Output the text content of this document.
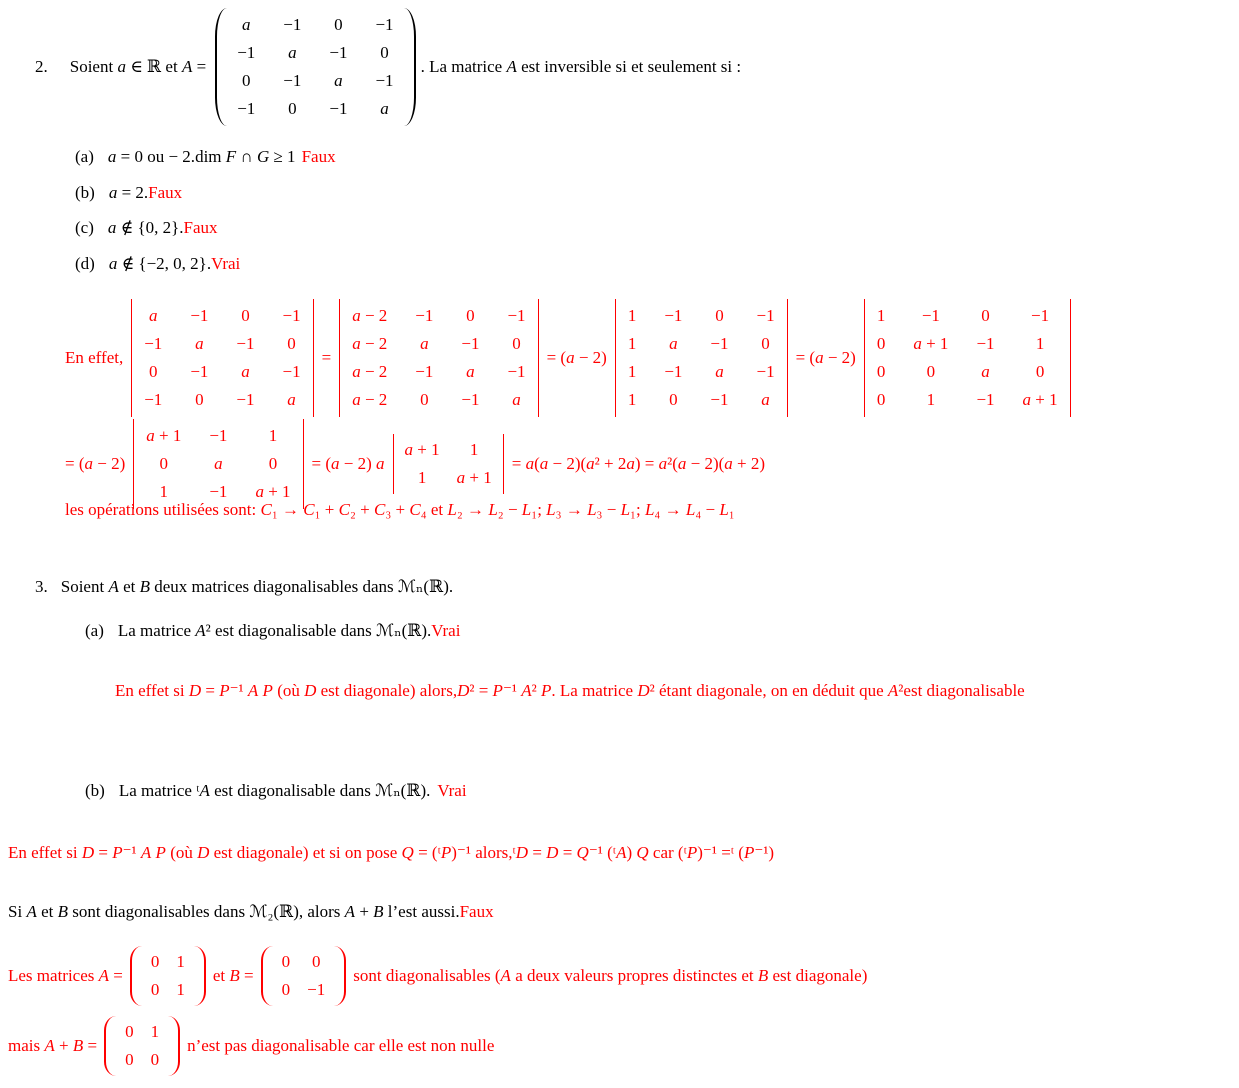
2. Soient a ∈ ℝ et A =
a −1 0 −1
−1 a −1 0
0 −1 a −1
−1 0 −1 a
. La matrice A est inversible si et seulement si :
(a) a = 0 ou − 2.dim F ∩ G ≥ 1 Faux
(b) a = 2. Faux
(c) a ∉ {0, 2}. Faux
(d) a ∉ {−2, 0, 2}. Vrai
En effet,
a −1 0 −1
−1 a −1 0
0 −1 a −1
−1 0 −1 a
=
a − 2 −1 0 −1
a − 2 a −1 0
a − 2 −1 a −1
a − 2 0 −1 a
= (a − 2)
1 −1 0 −1
1 a −1 0
1 −1 a −1
1 0 −1 a
= (a − 2)
1 −1 0 −1
0 a + 1 −1 1
0 0	a	0
0 1 −1 a + 1
= (a − 2)
a + 1 −1 1
0	a	0
1 −1 a + 1
= (a − 2) a
a + 1 1
1 a + 1
= a(a − 2)(a² + 2a) = a²(a − 2)(a + 2)
les opérations utilisées sont: C₁ → C₁ + C₂ + C₃ + C₄ et L₂ → L₂ − L₁; L₃ → L₃ − L₁; L₄ → L₄ − L₁
3. Soient A et B deux matrices diagonalisables dans ℳₙ(ℝ).
(a) La matrice A² est diagonalisable dans ℳₙ(ℝ). Vrai
En effet si D = P⁻¹ A P (où D est diagonale) alors,D² = P⁻¹ A² P. La matrice D² étant diagonale, on en déduit que A²est diagonalisable
(b) La matrice ᵗA est diagonalisable dans ℳₙ(ℝ). Vrai
En effet si D = P⁻¹ A P (où D est diagonale) et si on pose Q = (ᵗP)⁻¹ alors,ᵗD = D = Q⁻¹ (ᵗA) Q car (ᵗP)⁻¹ =ᵗ (P⁻¹)
Si A et B sont diagonalisables dans ℳ₂(ℝ), alors A + B l’est aussi.Faux
Les matrices A =
0 1
0 1
et B =
0 0
0 −1
sont diagonalisables (A a deux valeurs propres distinctes et B est diagonale)
mais A + B =
0 1
0 0
n’est pas diagonalisable car elle est non nulle
